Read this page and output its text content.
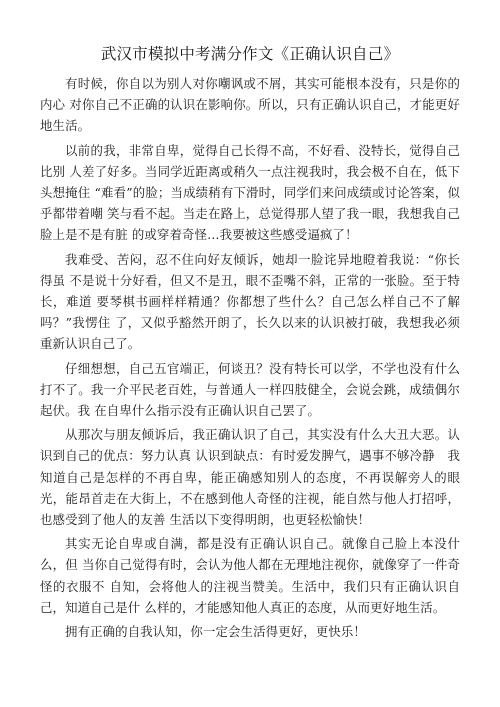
武汉市模拟中考满分作文《正确认识自己》

有时候，你自以为别人对你嘲讽或不屑，其实可能根本没有，只是你的内心 对你自己不正确的认识在影响你。所以，只有正确认识自己，才能更好地生活。

以前的我，非常自卑，觉得自己长得不高，不好看、没特长，觉得自己比别 人差了好多。当同学近距离或稍久一点注视我时，我会极不自在，低下头想掩住 “难看”的脸；当成绩稍有下滑时，同学们来问成绩或讨论答案，似乎都带着嘲 笑与看不起。当走在路上，总觉得那人望了我一眼，我想我自己脸上是不是有脏 的或穿着奇怪…我要被这些感受逼疯了！

我难受、苦闷，忍不住向好友倾诉，她却一脸诧异地瞪着我说：“你长得虽 不是说十分好看，但又不是丑，眼不歪嘴不斜，正常的一张脸。至于特长，难道 要琴棋书画样样精通？你都想了些什么？自己怎么样自己不了解吗？”我愣住 了，又似乎豁然开朗了，长久以来的认识被打破，我想我必须重新认识自己了。

仔细想想，自己五官端正，何谈丑？没有特长可以学，不学也没有什么打不了。我一介平民老百姓，与普通人一样四肢健全，会说会跳，成绩偶尔起伏。我 在自卑什么指示没有正确认识自己罢了。

从那次与朋友倾诉后，我正确认识了自己，其实没有什么大丑大恶。认识到自己的优点：努力认真 认识到缺点：有时爱发脾气，遇事不够冷静　我知道自己是怎样的不再自卑，能正确感知别人的态度，不再误解旁人的眼光，能昂首走在大街上，不在感到他人奇怪的注视，能自然与他人打招呼，也感受到了他人的友善 生活以下变得明朗，也更轻松愉快！

其实无论自卑或自满，都是没有正确认识自己。就像自己脸上本没什么，但 当你自己觉得有时，会认为他人都在无理地注视你，就像穿了一件奇怪的衣服不 自知，会将他人的注视当赞美。生活中，我们只有正确认识自己，知道自己是什 么样的，才能感知他人真正的态度，从而更好地生活。

拥有正确的自我认知，你一定会生活得更好，更快乐！
